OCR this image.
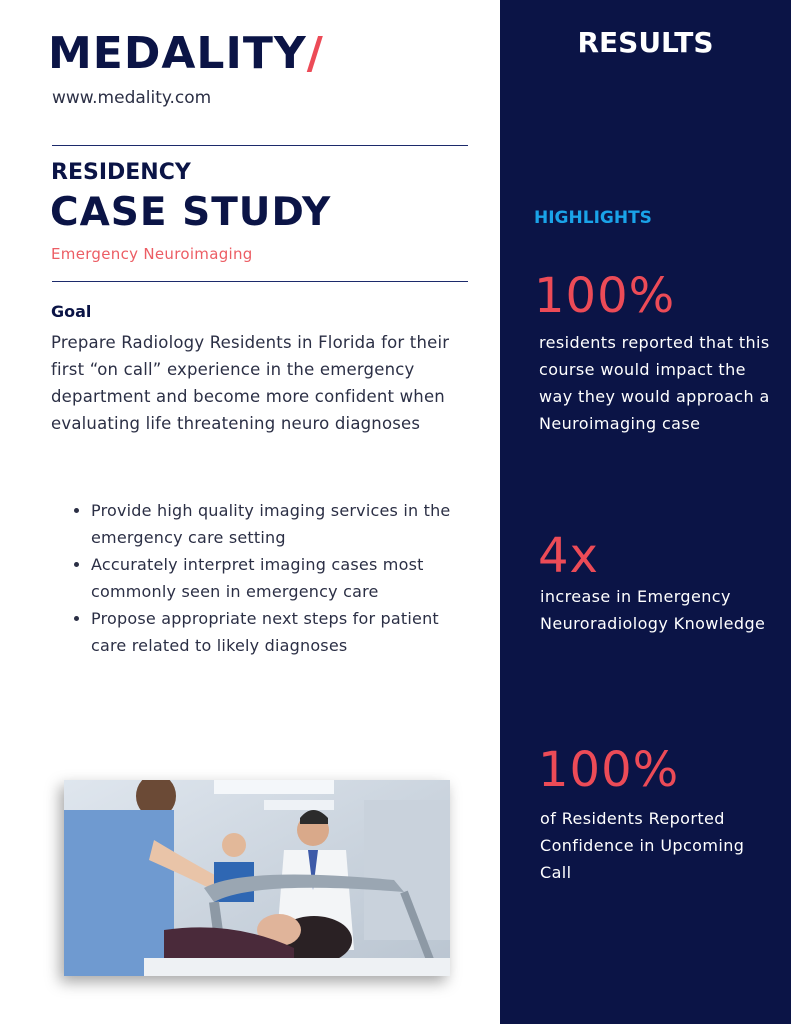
MEDALITY/
www.medality.com
RESIDENCY
CASE STUDY
Emergency Neuroimaging
Goal
Prepare Radiology Residents in Florida for their first “on call” experience in the emergency department and become more confident when evaluating life threatening neuro diagnoses
• Provide high quality imaging services in the emergency care setting
• Accurately interpret imaging cases most commonly seen in emergency care
• Propose appropriate next steps for patient care related to likely diagnoses
RESULTS
HIGHLIGHTS
100%
residents reported that this course would impact the way they would approach a Neuroimaging case
4x
increase in Emergency Neuroradiology Knowledge
100%
of Residents Reported Confidence in Upcoming Call
